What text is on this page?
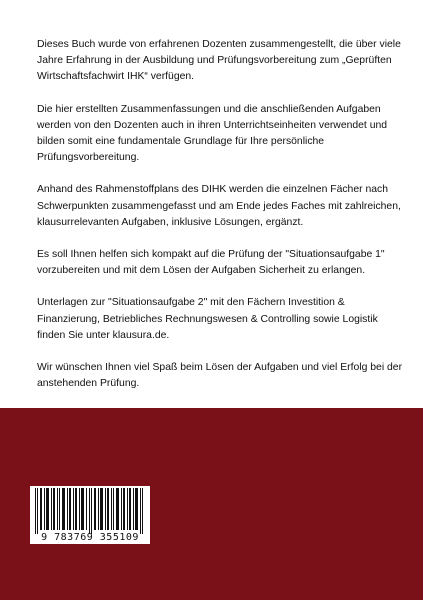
Dieses Buch wurde von erfahrenen Dozenten zusammengestellt, die über viele Jahre Erfahrung in der Ausbildung und Prüfungsvorbereitung zum „Geprüften Wirtschaftsfachwirt IHK“ verfügen.

Die hier erstellten Zusammenfassungen und die anschließenden Aufgaben werden von den Dozenten auch in ihren Unterrichtseinheiten verwendet und bilden somit eine fundamentale Grundlage für Ihre persönliche Prüfungsvorbereitung.

Anhand des Rahmenstoffplans des DIHK werden die einzelnen Fächer nach Schwerpunkten zusammengefasst und am Ende jedes Faches mit zahlreichen, klausurrelevanten Aufgaben, inklusive Lösungen, ergänzt.

Es soll Ihnen helfen sich kompakt auf die Prüfung der "Situationsaufgabe 1" vorzubereiten und mit dem Lösen der Aufgaben Sicherheit zu erlangen.

Unterlagen zur "Situationsaufgabe 2" mit den Fächern Investition & Finanzierung, Betriebliches Rechnungswesen & Controlling sowie Logistik finden Sie unter klausura.de.

Wir wünschen Ihnen viel Spaß beim Lösen der Aufgaben und viel Erfolg bei der anstehenden Prüfung.

9 783769 355109
